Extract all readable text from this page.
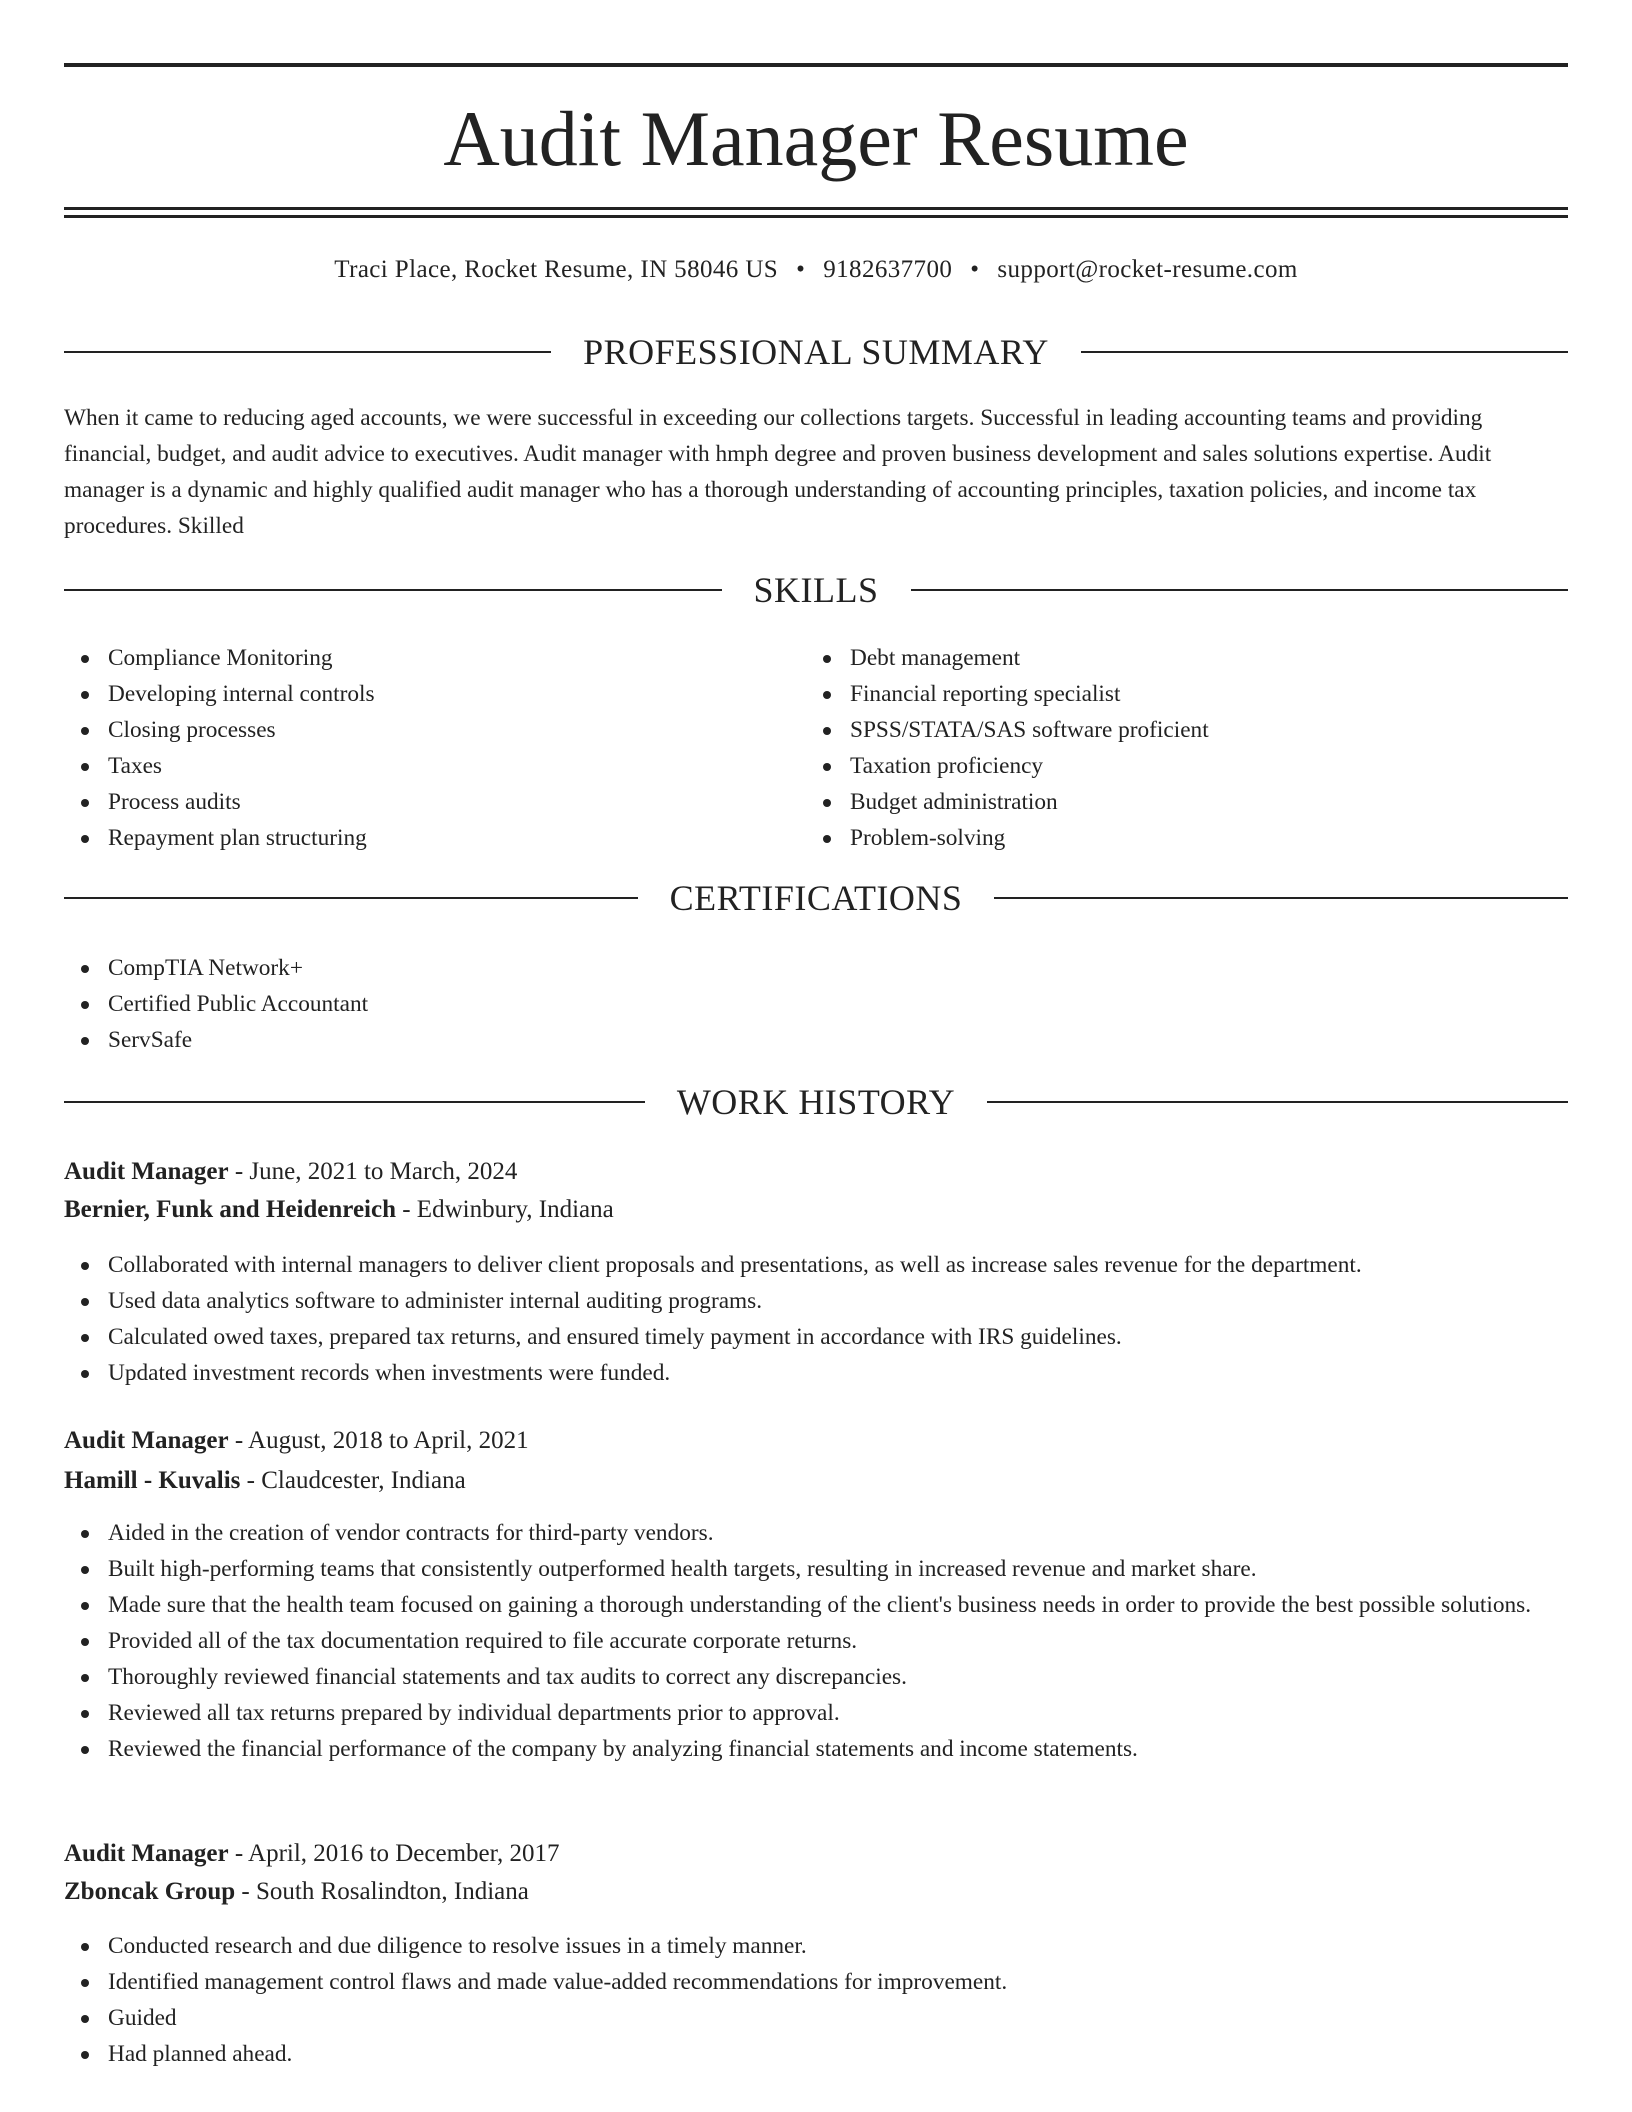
Audit Manager Resume
Traci Place, Rocket Resume, IN 58046 US • 9182637700 • support@rocket-resume.com
PROFESSIONAL SUMMARY

When it came to reducing aged accounts, we were successful in exceeding our collections targets. Successful in leading accounting teams and providing financial, budget, and audit advice to executives. Audit manager with hmph degree and proven business development and sales solutions expertise. Audit manager is a dynamic and highly qualified audit manager who has a thorough understanding of accounting principles, taxation policies, and income tax procedures. Skilled

SKILLS
Compliance Monitoring
Developing internal controls
Closing processes
Taxes
Process audits
Repayment plan structuring
Debt management
Financial reporting specialist
SPSS/STATA/SAS software proficient
Taxation proficiency
Budget administration
Problem-solving
CERTIFICATIONS
CompTIA Network+
Certified Public Accountant
ServSafe
WORK HISTORY
Audit Manager - June, 2021 to March, 2024
Bernier, Funk and Heidenreich - Edwinbury, Indiana
Collaborated with internal managers to deliver client proposals and presentations, as well as increase sales revenue for the department.
Used data analytics software to administer internal auditing programs.
Calculated owed taxes, prepared tax returns, and ensured timely payment in accordance with IRS guidelines.
Updated investment records when investments were funded.
Audit Manager - August, 2018 to April, 2021
Hamill - Kuvalis - Claudcester, Indiana
Aided in the creation of vendor contracts for third-party vendors.
Built high-performing teams that consistently outperformed health targets, resulting in increased revenue and market share.
Made sure that the health team focused on gaining a thorough understanding of the client's business needs in order to provide the best possible solutions.
Provided all of the tax documentation required to file accurate corporate returns.
Thoroughly reviewed financial statements and tax audits to correct any discrepancies.
Reviewed all tax returns prepared by individual departments prior to approval.
Reviewed the financial performance of the company by analyzing financial statements and income statements.
Audit Manager - April, 2016 to December, 2017
Zboncak Group - South Rosalindton, Indiana
Conducted research and due diligence to resolve issues in a timely manner.
Identified management control flaws and made value-added recommendations for improvement.
Guided
Had planned ahead.
